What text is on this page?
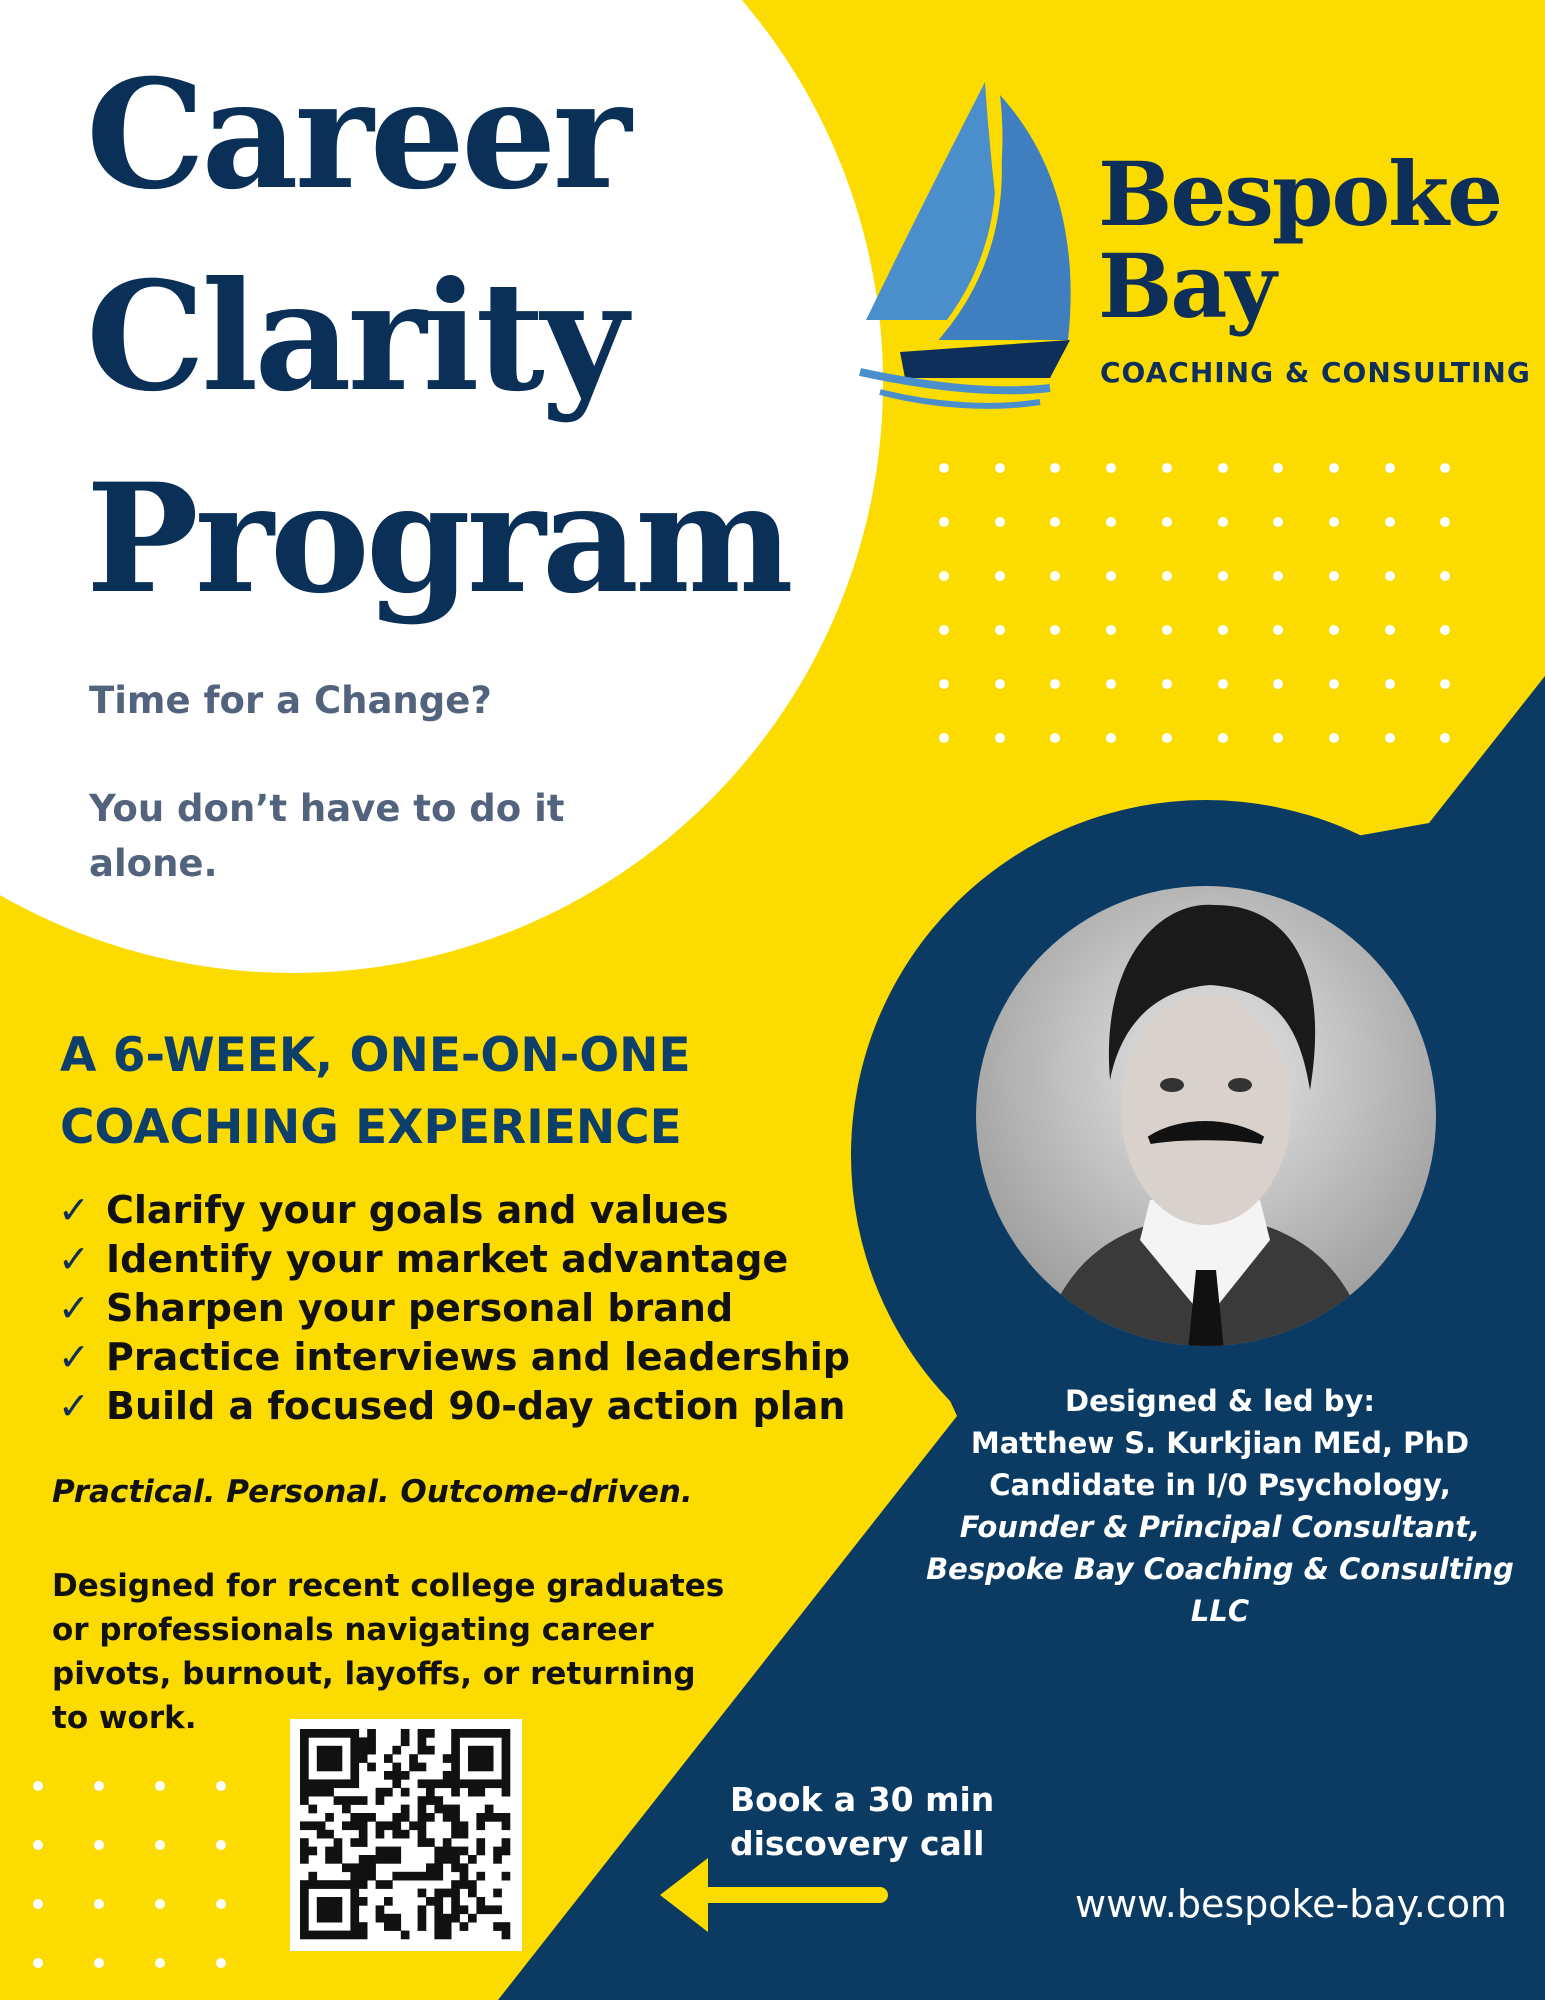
Career
Clarity
Program
Time for a Change?
You don’t have to do it
alone.
Bespoke
Bay
COACHING & CONSULTING
A 6-WEEK, ONE-ON-ONE
COACHING EXPERIENCE
✓ Clarify your goals and values
✓ Identify your market advantage
✓ Sharpen your personal brand
✓ Practice interviews and leadership
✓ Build a focused 90-day action plan
Practical. Personal. Outcome-driven.
Designed for recent college graduates or professionals navigating career pivots, burnout, layoffs, or returning to work.
Designed & led by:
Matthew S. Kurkjian MEd, PhD
Candidate in I/0 Psychology,
Founder & Principal Consultant,
Bespoke Bay Coaching & Consulting LLC
Book a 30 min
discovery call
www.bespoke-bay.com
